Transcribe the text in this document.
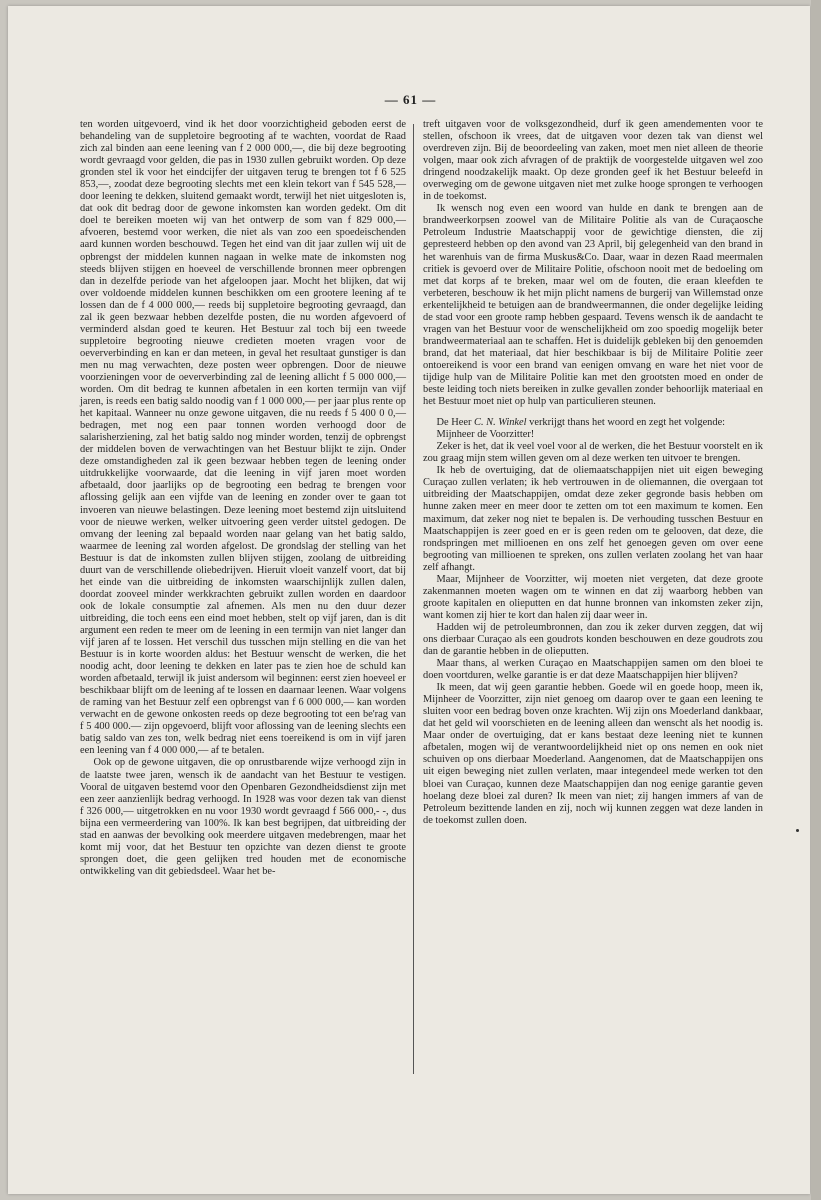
— 61 —

ten worden uitgevoerd, vind ik het door voorzichtigheid geboden eerst de behandeling van de suppletoire begrooting af te wachten, voordat de Raad zich zal binden aan eene leening van f 2 000 000,—, die bij deze begrooting wordt gevraagd voor gelden, die pas in 1930 zullen gebruikt worden. Op deze gronden stel ik voor het eindcijfer der uitgaven terug te brengen tot f 6 525 853,—, zoodat deze begrooting slechts met een klein tekort van f 545 528,— door leening te dekken, sluitend gemaakt wordt, terwijl het niet uitgesloten is, dat ook dit bedrag door de gewone inkomsten kan worden gedekt. Om dit doel te bereiken moeten wij van het ontwerp de som van f 829 000,— afvoeren, bestemd voor werken, die niet als van zoo een spoedeischenden aard kunnen worden beschouwd. Tegen het eind van dit jaar zullen wij uit de opbrengst der middelen kunnen nagaan in welke mate de inkomsten nog steeds blijven stijgen en hoeveel de verschillende bronnen meer opbrengen dan in dezelfde periode van het afgeloopen jaar. Mocht het blijken, dat wij over voldoende middelen kunnen beschikken om een grootere leening af te lossen dan de f 4 000 000,— reeds bij suppletoire begrooting gevraagd, dan zal ik geen bezwaar hebben dezelfde posten, die nu worden afgevoerd of verminderd alsdan goed te keuren. Het Bestuur zal toch bij een tweede suppletoire begrooting nieuwe credieten moeten vragen voor de oeververbinding en kan er dan meteen, in geval het resultaat gunstiger is dan men nu mag verwachten, deze posten weer opbrengen. Door de nieuwe voorzieningen voor de oeververbinding zal de leening allicht f 5 000 000,— worden. Om dit bedrag te kunnen afbetalen in een korten termijn van vijf jaren, is reeds een batig saldo noodig van f 1 000 000,— per jaar plus rente op het kapitaal. Wanneer nu onze gewone uitgaven, die nu reeds f 5 400 0 0,— bedragen, met nog een paar tonnen worden verhoogd door de salarisherziening, zal het batig saldo nog minder worden, tenzij de opbrengst der middelen boven de verwachtingen van het Bestuur blijkt te zijn. Onder deze omstandigheden zal ik geen bezwaar hebben tegen de leening onder uitdrukkelijke voorwaarde, dat die leening in vijf jaren moet worden afbetaald, door jaarlijks op de begrooting een bedrag te brengen voor aflossing gelijk aan een vijfde van de leening en zonder over te gaan tot invoeren van nieuwe belastingen. Deze leening moet bestemd zijn uitsluitend voor de nieuwe werken, welker uitvoering geen verder uitstel gedogen. De omvang der leening zal bepaald worden naar gelang van het batig saldo, waarmee de leening zal worden afgelost. De grondslag der stelling van het Bestuur is dat de inkomsten zullen blijven stijgen, zoolang de uitbreiding duurt van de verschillende oliebedrijven. Hieruit vloeit vanzelf voort, dat bij het einde van die uitbreiding de inkomsten waarschijnlijk zullen dalen, doordat zooveel minder werkkrachten gebruikt zullen worden en daardoor ook de lokale consumptie zal afnemen. Als men nu den duur dezer uitbreiding, die toch eens een eind moet hebben, stelt op vijf jaren, dan is dit argument een reden te meer om de leening in een termijn van niet langer dan vijf jaren af te lossen. Het verschil dus tusschen mijn stelling en die van het Bestuur is in korte woorden aldus: het Bestuur wenscht de werken, die het noodig acht, door leening te dekken en later pas te zien hoe de schuld kan worden afbetaald, terwijl ik juist andersom wil beginnen: eerst zien hoeveel er beschikbaar blijft om de leening af te lossen en daarnaar leenen. Waar volgens de raming van het Bestuur zelf een opbrengst van f 6 000 000,— kan worden verwacht en de gewone onkosten reeds op deze begrooting tot een be'rag van f 5 400 000.— zijn opgevoerd, blijft voor aflossing van de leening slechts een batig saldo van zes ton, welk bedrag niet eens toereikend is om in vijf jaren een leening van f 4 000 000,— af te betalen.

Ook op de gewone uitgaven, die op onrustbarende wijze verhoogd zijn in de laatste twee jaren, wensch ik de aandacht van het Bestuur te vestigen. Vooral de uitgaven bestemd voor den Openbaren Gezondheidsdienst zijn met een zeer aanzienlijk bedrag verhoogd. In 1928 was voor dezen tak van dienst f 326 000,— uitgetrokken en nu voor 1930 wordt gevraagd f 566 000,- -, dus bijna een vermeerdering van 100%. Ik kan best begrijpen, dat uitbreiding der stad en aanwas der bevolking ook meerdere uitgaven medebrengen, maar het komt mij voor, dat het Bestuur ten opzichte van dezen dienst te groote sprongen doet, die geen gelijken tred houden met de economische ontwikkeling van dit gebiedsdeel. Waar het be-

treft uitgaven voor de volksgezondheid, durf ik geen amendementen voor te stellen, ofschoon ik vrees, dat de uitgaven voor dezen tak van dienst wel overdreven zijn. Bij de beoordeeling van zaken, moet men niet alleen de theorie volgen, maar ook zich afvragen of de praktijk de voorgestelde uitgaven wel zoo dringend noodzakelijk maakt. Op deze gronden geef ik het Bestuur beleefd in overweging om de gewone uitgaven niet met zulke hooge sprongen te verhoogen in de toekomst.

Ik wensch nog even een woord van hulde en dank te brengen aan de brandweerkorpsen zoowel van de Militaire Politie als van de Curaçaosche Petroleum Industrie Maatschappij voor de gewichtige diensten, die zij gepresteerd hebben op den avond van 23 April, bij gelegenheid van den brand in het warenhuis van de firma Muskus&Co. Daar, waar in dezen Raad meermalen critiek is gevoerd over de Militaire Politie, ofschoon nooit met de bedoeling om met dat korps af te breken, maar wel om de fouten, die eraan kleefden te verbeteren, beschouw ik het mijn plicht namens de burgerij van Willemstad onze erkentelijkheid te betuigen aan de brandweermannen, die onder degelijke leiding de stad voor een groote ramp hebben gespaard. Tevens wensch ik de aandacht te vragen van het Bestuur voor de wenschelijkheid om zoo spoedig mogelijk beter brandweermateriaal aan te schaffen. Het is duidelijk gebleken bij den genoemden brand, dat het materiaal, dat hier beschikbaar is bij de Militaire Politie zeer ontoereikend is voor een brand van eenigen omvang en ware het niet voor de tijdige hulp van de Militaire Politie kan met den grootsten moed en onder de beste leiding toch niets bereiken in zulke gevallen zonder behoorlijk materiaal en het Bestuur moet niet op hulp van particulieren steunen.

De Heer C. N. Winkel verkrijgt thans het woord en zegt het volgende:

Mijnheer de Voorzitter!

Zeker is het, dat ik veel voel voor al de werken, die het Bestuur voorstelt en ik zou graag mijn stem willen geven om al deze werken ten uitvoer te brengen.

Ik heb de overtuiging, dat de oliemaatschappijen niet uit eigen beweging Curaçao zullen verlaten; ik heb vertrouwen in de oliemannen, die overgaan tot uitbreiding der Maatschappijen, omdat deze zeker gegronde basis hebben om hunne zaken meer en meer door te zetten om tot een maximum te komen. Een maximum, dat zeker nog niet te bepalen is. De verhouding tusschen Bestuur en Maatschappijen is zeer goed en er is geen reden om te gelooven, dat deze, die rondspringen met millioenen en ons zelf het genoegen geven om over eene begrooting van millioenen te spreken, ons zullen verlaten zoolang het van haar zelf afhangt.

Maar, Mijnheer de Voorzitter, wij moeten niet vergeten, dat deze groote zakenmannen moeten wagen om te winnen en dat zij waarborg hebben van groote kapitalen en olieputten en dat hunne bronnen van inkomsten zeker zijn, want komen zij hier te kort dan halen zij daar weer in.

Hadden wij de petroleumbronnen, dan zou ik zeker durven zeggen, dat wij ons dierbaar Curaçao als een goudrots konden beschouwen en deze goudrots zou dan de garantie hebben in de olieputten.

Maar thans, al werken Curaçao en Maatschappijen samen om den bloei te doen voortduren, welke garantie is er dat deze Maatschappijen hier blijven?

Ik meen, dat wij geen garantie hebben. Goede wil en goede hoop, meen ik, Mijnheer de Voorzitter, zijn niet genoeg om daarop over te gaan een leening te sluiten voor een bedrag boven onze krachten. Wij zijn ons Moederland dankbaar, dat het geld wil voorschieten en de leening alleen dan wenscht als het noodig is. Maar onder de overtuiging, dat er kans bestaat deze leening niet te kunnen afbetalen, mogen wij de verantwoordelijkheid niet op ons nemen en ook niet schuiven op ons dierbaar Moederland. Aangenomen, dat de Maatschappijen ons uit eigen beweging niet zullen verlaten, maar integendeel mede werken tot den bloei van Curaçao, kunnen deze Maatschappijen dan nog eenige garantie geven hoelang deze bloei zal duren? Ik meen van niet; zij hangen immers af van de Petroleum bezittende landen en zij, noch wij kunnen zeggen wat deze landen in de toekomst zullen doen.
